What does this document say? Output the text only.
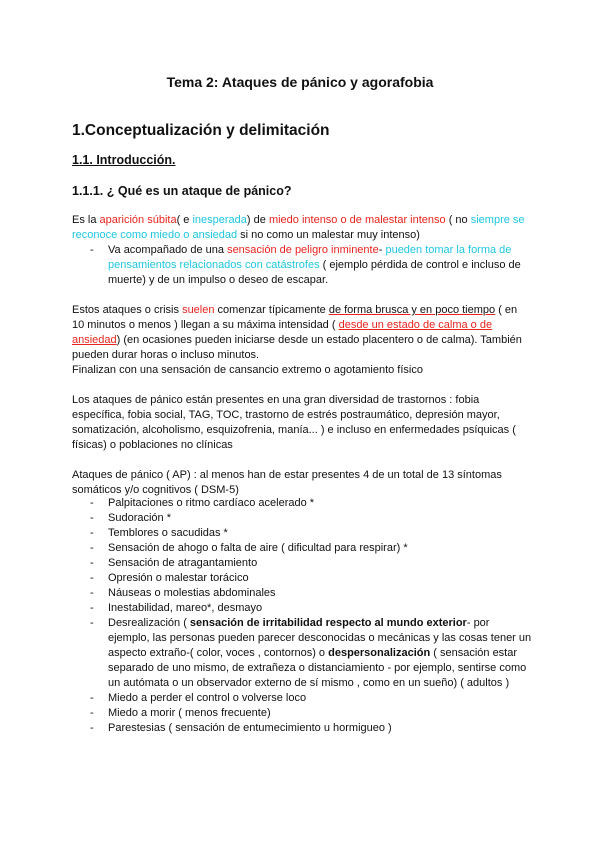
Tema 2: Ataques de pánico y agorafobia
1.Conceptualización y delimitación
1.1. Introducción.
1.1.1. ¿ Qué es un ataque de pánico?

Es la aparición súbita( e inesperada) de miedo intenso o de malestar intenso ( no siempre se reconoce como miedo o ansiedad si no como un malestar muy intenso)

- Va acompañado de una sensación de peligro inminente- pueden tomar la forma de pensamientos relacionados con catástrofes ( ejemplo pérdida de control e incluso de muerte) y de un impulso o deseo de escapar.

Estos ataques o crisis suelen comenzar típicamente de forma brusca y en poco tiempo ( en 10 minutos o menos ) llegan a su máxima intensidad ( desde un estado de calma o de ansiedad) (en ocasiones pueden iniciarse desde un estado placentero o de calma). También pueden durar horas o incluso minutos.
Finalizan con una sensación de cansancio extremo o agotamiento físico

Los ataques de pánico están presentes en una gran diversidad de trastornos : fobia específica, fobia social, TAG, TOC, trastorno de estrés postraumático, depresión mayor, somatización, alcoholismo, esquizofrenia, manía... ) e incluso en enfermedades psíquicas ( físicas) o poblaciones no clínicas

Ataques de pánico ( AP) : al menos han de estar presentes 4 de un total de 13 síntomas somáticos y/o cognitivos ( DSM-5)

- Palpitaciones o ritmo cardíaco acelerado *
- Sudoración *
- Temblores o sacudidas *
- Sensación de ahogo o falta de aire ( dificultad para respirar) *
- Sensación de atragantamiento
- Opresión o malestar torácico
- Náuseas o molestias abdominales
- Inestabilidad, mareo*, desmayo
- Desrealización ( sensación de irritabilidad respecto al mundo exterior- por ejemplo, las personas pueden parecer desconocidas o mecánicas y las cosas tener un aspecto extraño-( color, voces , contornos) o despersonalización ( sensación estar separado de uno mismo, de extrañeza o distanciamiento - por ejemplo, sentirse como un autómata o un observador externo de sí mismo , como en un sueño) ( adultos )
- Miedo a perder el control o volverse loco
- Miedo a morir ( menos frecuente)
- Parestesias ( sensación de entumecimiento u hormigueo )
